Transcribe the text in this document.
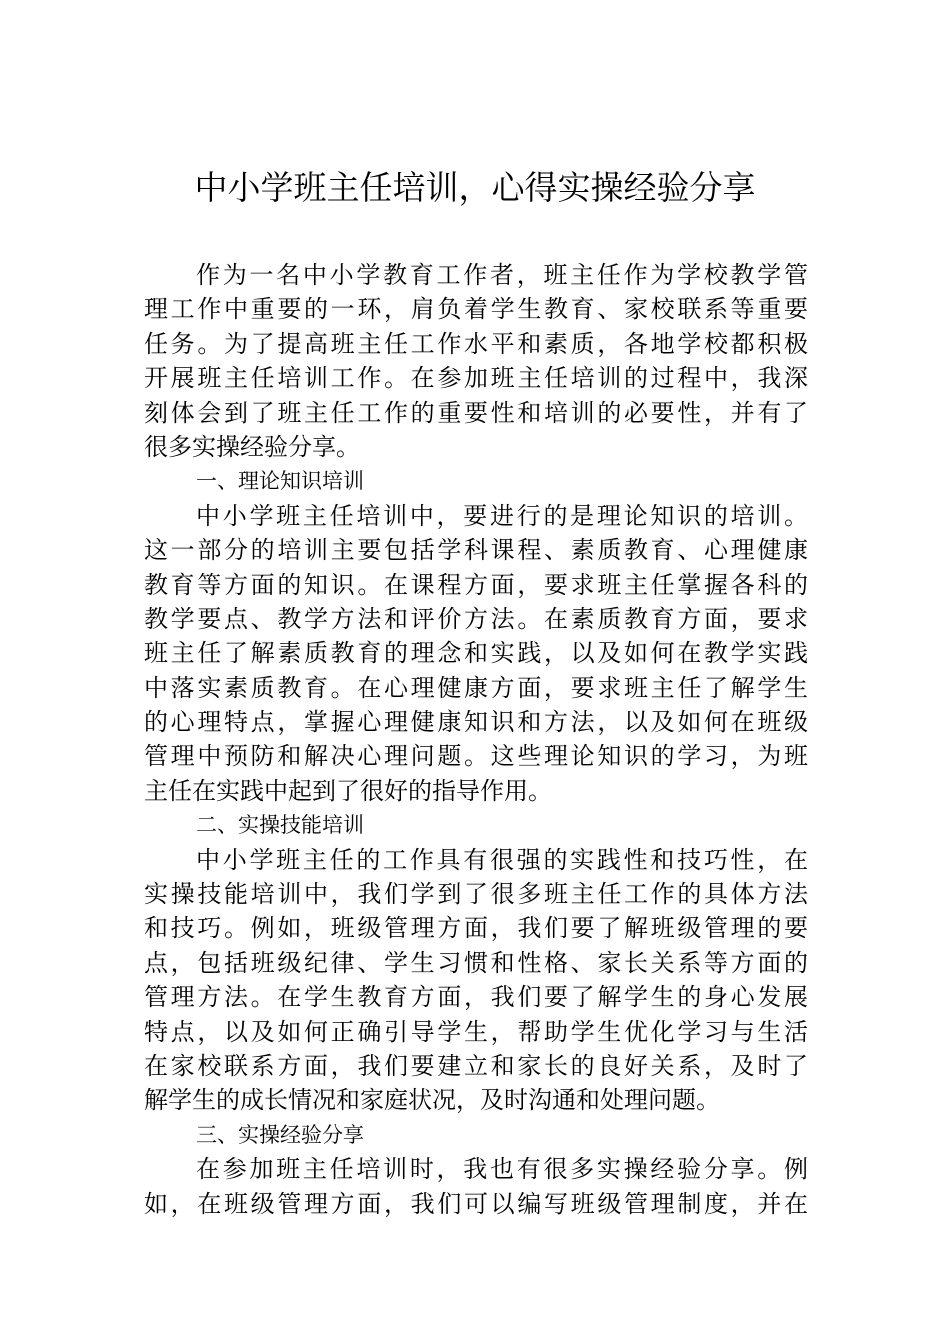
中小学班主任培训，心得实操经验分享
作为一名中小学教育工作者，班主任作为学校教学管
理工作中重要的一环，肩负着学生教育、家校联系等重要
任务。为了提高班主任工作水平和素质，各地学校都积极
开展班主任培训工作。在参加班主任培训的过程中，我深
刻体会到了班主任工作的重要性和培训的必要性，并有了
很多实操经验分享。
一、理论知识培训
中小学班主任培训中，要进行的是理论知识的培训。
这一部分的培训主要包括学科课程、素质教育、心理健康
教育等方面的知识。在课程方面，要求班主任掌握各科的
教学要点、教学方法和评价方法。在素质教育方面，要求
班主任了解素质教育的理念和实践，以及如何在教学实践
中落实素质教育。在心理健康方面，要求班主任了解学生
的心理特点，掌握心理健康知识和方法，以及如何在班级
管理中预防和解决心理问题。这些理论知识的学习，为班
主任在实践中起到了很好的指导作用。
二、实操技能培训
中小学班主任的工作具有很强的实践性和技巧性，在
实操技能培训中，我们学到了很多班主任工作的具体方法
和技巧。例如，班级管理方面，我们要了解班级管理的要
点，包括班级纪律、学生习惯和性格、家长关系等方面的
管理方法。在学生教育方面，我们要了解学生的身心发展
特点，以及如何正确引导学生，帮助学生优化学习与生活
在家校联系方面，我们要建立和家长的良好关系，及时了
解学生的成长情况和家庭状况，及时沟通和处理问题。
三、实操经验分享
在参加班主任培训时，我也有很多实操经验分享。例
如，在班级管理方面，我们可以编写班级管理制度，并在
